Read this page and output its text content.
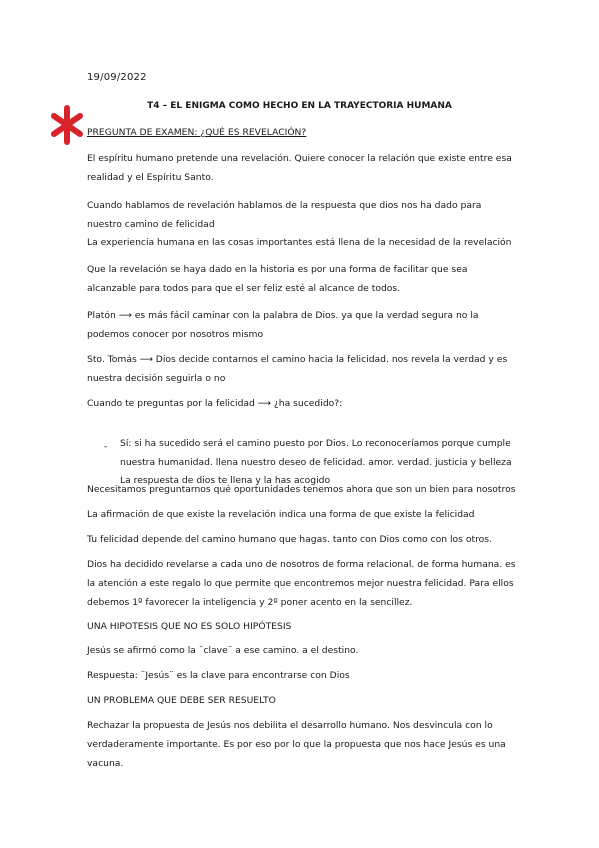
19/09/2022
T4 – EL ENIGMA COMO HECHO EN LA TRAYECTORIA HUMANA
PREGUNTA DE EXAMEN: ¿QUÉ ES REVELACIÓN?

El espíritu humano pretende una revelación. Quiere conocer la relación que existe entre esa realidad y el Espíritu Santo.

Cuando hablamos de revelación hablamos de la respuesta que dios nos ha dado para nuestro camino de felicidad

La experiencia humana en las cosas importantes está llena de la necesidad de la revelación

Que la revelación se haya dado en la historia es por una forma de facilitar que sea alcanzable para todos para que el ser feliz esté al alcance de todos.

Platón ⟶ es más fácil caminar con la palabra de Dios. ya que la verdad segura no la podemos conocer por nosotros mismo

Sto. Tomás ⟶ Dios decide contarnos el camino hacia la felicidad. nos revela la verdad y es nuestra decisión seguirla o no

Cuando te preguntas por la felicidad ⟶ ¿ha sucedido?:

- Sí: si ha sucedido será el camino puesto por Dios. Lo reconoceríamos porque cumple
nuestra humanidad. llena nuestro deseo de felicidad. amor. verdad. justicia y belleza
La respuesta de dios te llena y la has acogido

Necesitamos preguntarnos qué oportunidades tenemos ahora que son un bien para nosotros

La afirmación de que existe la revelación indica una forma de que existe la felicidad

Tu felicidad depende del camino humano que hagas. tanto con Dios como con los otros.

Dios ha decidido revelarse a cada uno de nosotros de forma relacional. de forma humana. es la atención a este regalo lo que permite que encontremos mejor nuestra felicidad. Para ellos debemos 1º favorecer la inteligencia y 2º poner acento en la sencillez.

UNA HIPOTESIS QUE NO ES SOLO HIPÓTESIS

Jesús se afirmó como la ¨clave¨ a ese camino. a el destino.

Respuesta: ¨Jesús¨ es la clave para encontrarse con Dios

UN PROBLEMA QUE DEBE SER RESUELTO

Rechazar la propuesta de Jesús nos debilita el desarrollo humano. Nos desvincula con lo verdaderamente importante. Es por eso por lo que la propuesta que nos hace Jesús es una vacuna.
